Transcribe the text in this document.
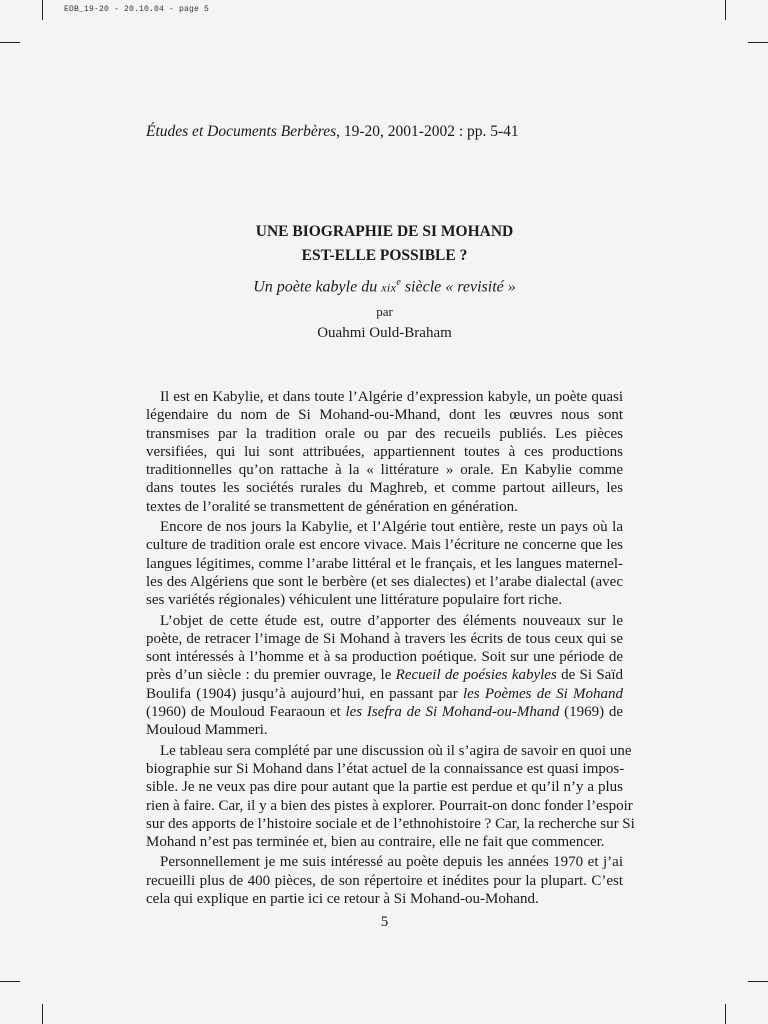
EDB_19-20 - 20.10.04 - page 5
Études et Documents Berbères, 19-20, 2001-2002 : pp. 5-41
UNE BIOGRAPHIE DE SI MOHAND
EST-ELLE POSSIBLE ?
Un poète kabyle du xix$^e$ siècle « revisité »
par
Ouahmi Ould-Braham
Il est en Kabylie, et dans toute l’Algérie d’expression kabyle, un poète quasi
légendaire du nom de Si Mohand-ou-Mhand, dont les œuvres nous sont
transmises par la tradition orale ou par des recueils publiés. Les pièces
versifiées, qui lui sont attribuées, appartiennent toutes à ces productions
traditionnelles qu’on rattache à la « littérature » orale. En Kabylie comme
dans toutes les sociétés rurales du Maghreb, et comme partout ailleurs, les
textes de l’oralité se transmettent de génération en génération.
Encore de nos jours la Kabylie, et l’Algérie tout entière, reste un pays où la
culture de tradition orale est encore vivace. Mais l’écriture ne concerne que les
langues légitimes, comme l’arabe littéral et le français, et les langues maternel-
les des Algériens que sont le berbère (et ses dialectes) et l’arabe dialectal (avec
ses variétés régionales) véhiculent une littérature populaire fort riche.
L’objet de cette étude est, outre d’apporter des éléments nouveaux sur le
poète, de retracer l’image de Si Mohand à travers les écrits de tous ceux qui se
sont intéressés à l’homme et à sa production poétique. Soit sur une période de
près d’un siècle : du premier ouvrage, le Recueil de poésies kabyles de Si Saïd
Boulifa (1904) jusqu’à aujourd’hui, en passant par les Poèmes de Si Mohand
(1960) de Mouloud Fearaoun et les Isefra de Si Mohand-ou-Mhand (1969) de
Mouloud Mammeri.
Le tableau sera complété par une discussion où il s’agira de savoir en quoi une
biographie sur Si Mohand dans l’état actuel de la connaissance est quasi impos-
sible. Je ne veux pas dire pour autant que la partie est perdue et qu’il n’y a plus
rien à faire. Car, il y a bien des pistes à explorer. Pourrait-on donc fonder l’espoir
sur des apports de l’histoire sociale et de l’ethnohistoire ? Car, la recherche sur Si
Mohand n’est pas terminée et, bien au contraire, elle ne fait que commencer.
Personnellement je me suis intéressé au poète depuis les années 1970 et j’ai
recueilli plus de 400 pièces, de son répertoire et inédites pour la plupart. C’est
cela qui explique en partie ici ce retour à Si Mohand-ou-Mohand.
5
